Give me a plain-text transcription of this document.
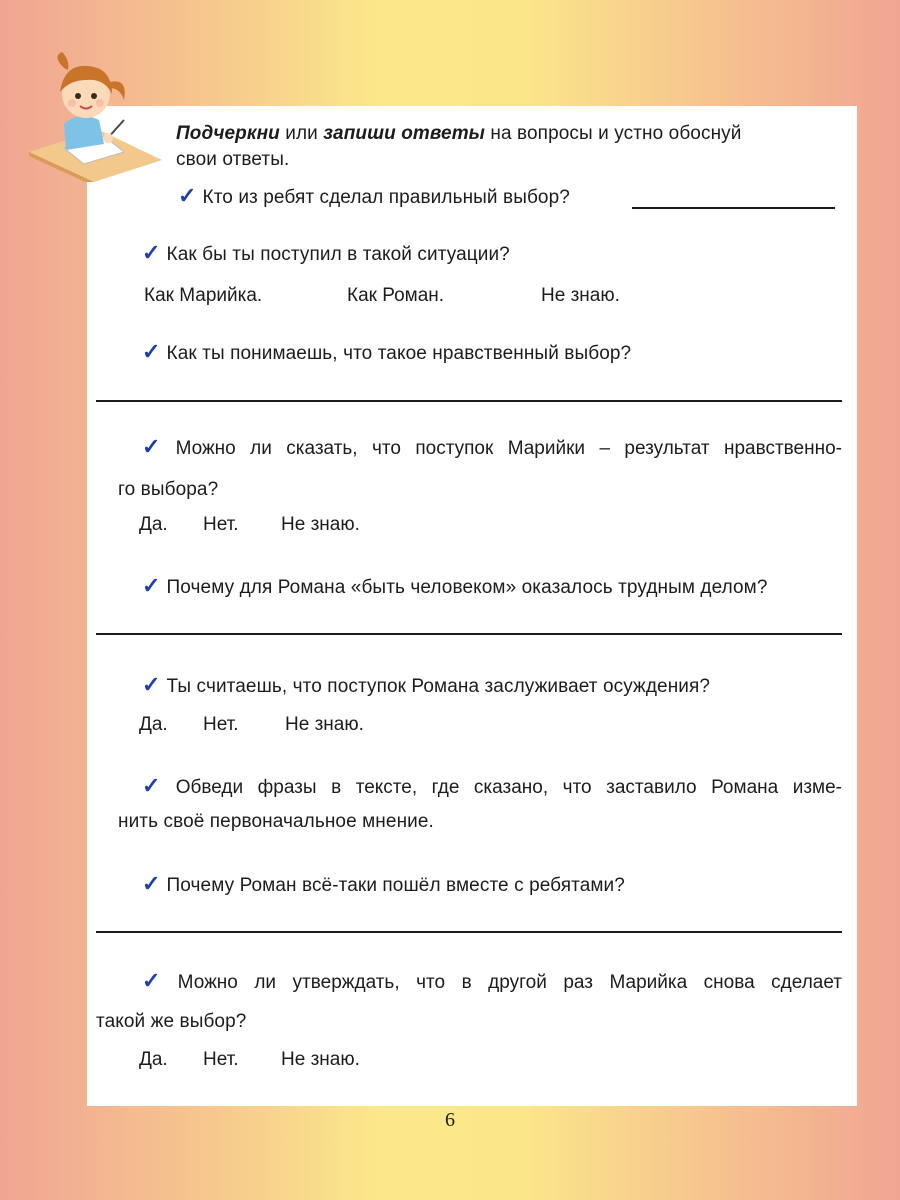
Подчеркни или запиши ответы на вопросы и устно обоснуй
свои ответы.
✓ Кто из ребят сделал правильный выбор?
✓ Как бы ты поступил в такой ситуации?
Как Марийка.	Как Роман.	Не знаю.
✓ Как ты понимаешь, что такое нравственный выбор?
✓ Можно ли сказать, что поступок Марийки – результат нравственно-
го выбора?
Да. Нет. Не знаю.
✓ Почему для Романа «быть человеком» оказалось трудным делом?
✓ Ты считаешь, что поступок Романа заслуживает осуждения?
Да. Нет. Не знаю.
✓ Обведи фразы в тексте, где сказано, что заставило Романа изме-
нить своё первоначальное мнение.
✓ Почему Роман всё-таки пошёл вместе с ребятами?
✓ Можно ли утверждать, что в другой раз Марийка снова сделает
такой же выбор?
Да. Нет. Не знаю.
6
